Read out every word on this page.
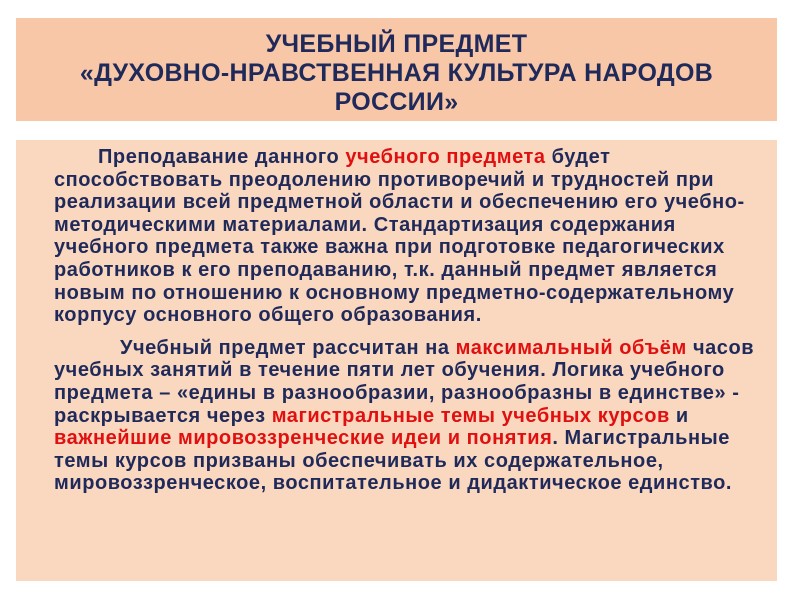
УЧЕБНЫЙ ПРЕДМЕТ
«ДУХОВНО-НРАВСТВЕННАЯ КУЛЬТУРА НАРОДОВ
РОССИИ»

Преподавание данного учебного предмета будет способствовать преодолению противоречий и трудностей при реализации всей предметной области и обеспечению его учебно-методическими материалами. Стандартизация содержания учебного предмета также важна при подготовке педагогических работников к его преподаванию, т.к. данный предмет является новым по отношению к основному предметно-содержательному корпусу основного общего образования.

Учебный предмет рассчитан на максимальный объём часов учебных занятий в течение пяти лет обучения. Логика учебного предмета – «едины в разнообразии, разнообразны в единстве» - раскрывается через магистральные темы учебных курсов и важнейшие мировоззренческие идеи и понятия. Магистральные темы курсов призваны обеспечивать их содержательное, мировоззренческое, воспитательное и дидактическое единство.
